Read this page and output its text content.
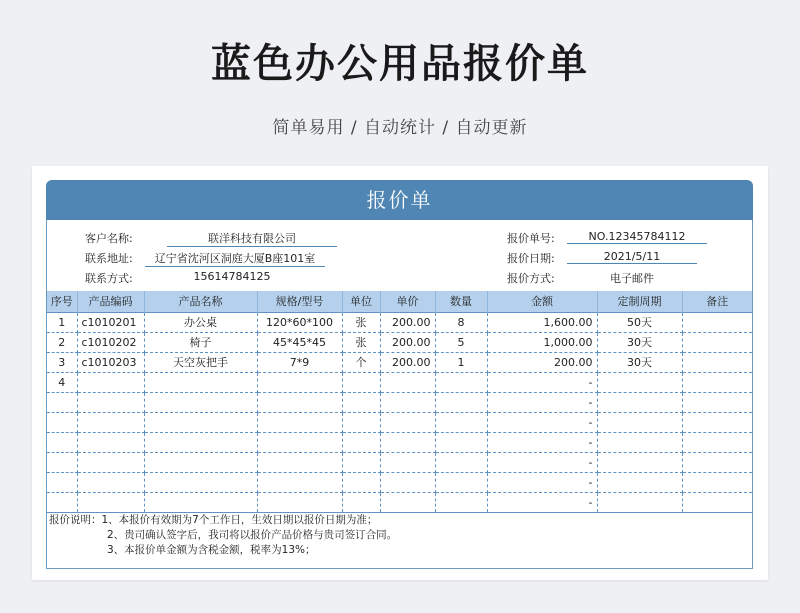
蓝色办公用品报价单
简单易用 / 自动统计 / 自动更新
报价单
客户名称:	联洋科技有限公司
联系地址:	辽宁省沈河区洞庭大厦B座101室
联系方式:	15614784125
报价单号:	NO.12345784112
报价日期:	2021/5/11
报价方式:	电子邮件
序号	产品编码	产品名称	规格/型号	单位	单价	数量	金额	定制周期	备注
1	c1010201	办公桌	120*60*100	张	200.00	8	1,600.00	50天	
2	c1010202	椅子	45*45*45	张	200.00	5	1,000.00	30天	
3	c1010203	天空灰把手	7*9	个	200.00	1	200.00	30天	
4							-		
							-		
							-		
							-		
							-		
							-		
							-		
报价说明：1、本报价有效期为7个工作日，生效日期以报价日期为准；
2、贵司确认签字后，我司将以报价产品价格与贵司签订合同。
3、本报价单金额为含税金额，税率为13%；
